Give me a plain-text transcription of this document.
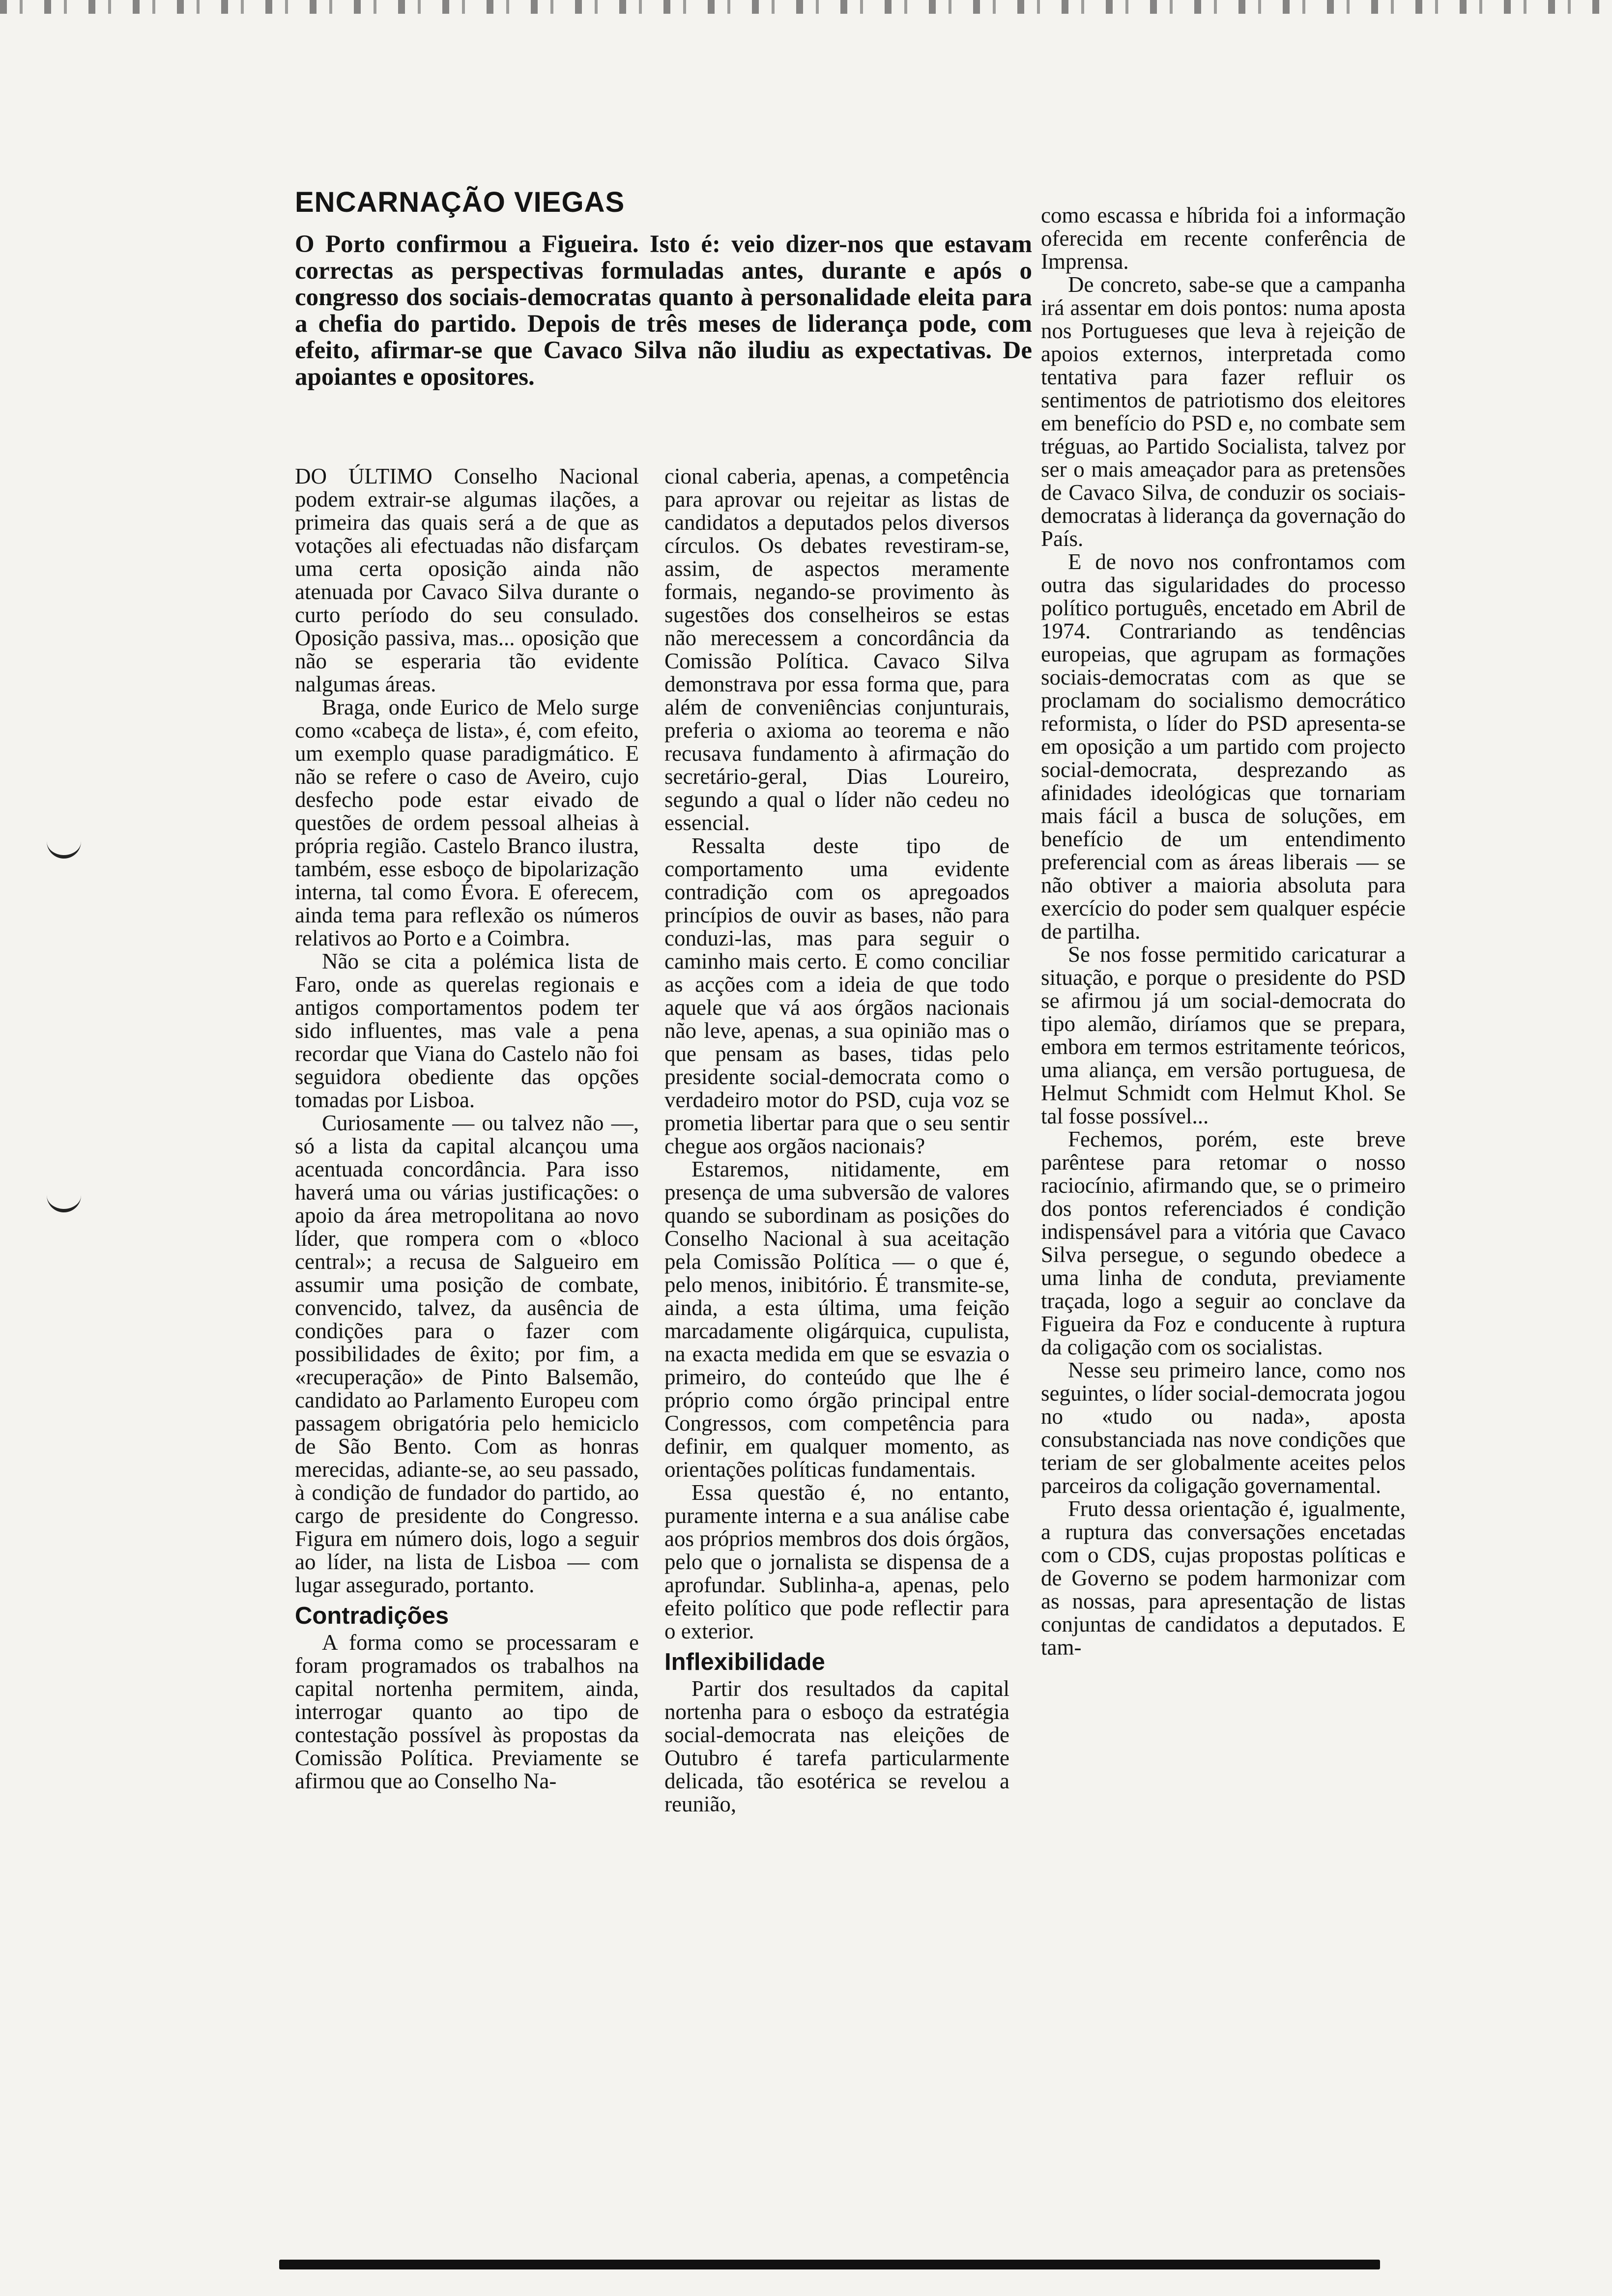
ENCARNAÇÃO VIEGAS

O Porto confirmou a Figueira. Isto é: veio dizer-nos que estavam correctas as perspectivas formuladas antes, durante e após o congresso dos sociais-democratas quanto à personalidade eleita para a chefia do partido. Depois de três meses de liderança pode, com efeito, afirmar-se que Cavaco Silva não iludiu as expectativas. De apoiantes e opositores.

DO ÚLTIMO Conselho Nacional podem extrair-se algumas ilações, a primeira das quais será a de que as votações ali efectuadas não disfarçam uma certa oposição ainda não atenuada por Cavaco Silva durante o curto período do seu consulado. Oposição passiva, mas... oposição que não se esperaria tão evidente nalgumas áreas.

Braga, onde Eurico de Melo surge como «cabeça de lista», é, com efeito, um exemplo quase paradigmático. E não se refere o caso de Aveiro, cujo desfecho pode estar eivado de questões de ordem pessoal alheias à própria região. Castelo Branco ilustra, também, esse esboço de bipolarização interna, tal como Évora. E oferecem, ainda tema para reflexão os números relativos ao Porto e a Coimbra.

Não se cita a polémica lista de Faro, onde as querelas regionais e antigos comportamentos podem ter sido influentes, mas vale a pena recordar que Viana do Castelo não foi seguidora obediente das opções tomadas por Lisboa.

Curiosamente — ou talvez não —, só a lista da capital alcançou uma acentuada concordância. Para isso haverá uma ou várias justificações: o apoio da área metropolitana ao novo líder, que rompera com o «bloco central»; a recusa de Salgueiro em assumir uma posição de combate, convencido, talvez, da ausência de condições para o fazer com possibilidades de êxito; por fim, a «recuperação» de Pinto Balsemão, candidato ao Parlamento Europeu com passagem obrigatória pelo hemiciclo de São Bento. Com as honras merecidas, adiante-se, ao seu passado, à condição de fundador do partido, ao cargo de presidente do Congresso. Figura em número dois, logo a seguir ao líder, na lista de Lisboa — com lugar assegurado, portanto.

Contradições

A forma como se processaram e foram programados os trabalhos na capital nortenha permitem, ainda, interrogar quanto ao tipo de contestação possível às propostas da Comissão Política. Previamente se afirmou que ao Conselho Na-

cional caberia, apenas, a competência para aprovar ou rejeitar as listas de candidatos a deputados pelos diversos círculos. Os debates revestiram-se, assim, de aspectos meramente formais, negando-se provimento às sugestões dos conselheiros se estas não merecessem a concordância da Comissão Política. Cavaco Silva demonstrava por essa forma que, para além de conveniências conjunturais, preferia o axioma ao teorema e não recusava fundamento à afirmação do secretário-geral, Dias Loureiro, segundo a qual o líder não cedeu no essencial.

Ressalta deste tipo de comportamento uma evidente contradição com os apregoados princípios de ouvir as bases, não para conduzi-las, mas para seguir o caminho mais certo. E como conciliar as acções com a ideia de que todo aquele que vá aos órgãos nacionais não leve, apenas, a sua opinião mas o que pensam as bases, tidas pelo presidente social-democrata como o verdadeiro motor do PSD, cuja voz se prometia libertar para que o seu sentir chegue aos orgãos nacionais?

Estaremos, nitidamente, em presença de uma subversão de valores quando se subordinam as posições do Conselho Nacional à sua aceitação pela Comissão Política — o que é, pelo menos, inibitório. É transmite-se, ainda, a esta última, uma feição marcadamente oligárquica, cupulista, na exacta medida em que se esvazia o primeiro, do conteúdo que lhe é próprio como órgão principal entre Congressos, com competência para definir, em qualquer momento, as orientações políticas fundamentais.

Essa questão é, no entanto, puramente interna e a sua análise cabe aos próprios membros dos dois órgãos, pelo que o jornalista se dispensa de a aprofundar. Sublinha-a, apenas, pelo efeito político que pode reflectir para o exterior.

Inflexibilidade

Partir dos resultados da capital nortenha para o esboço da estratégia social-democrata nas eleições de Outubro é tarefa particularmente delicada, tão esotérica se revelou a reunião,

como escassa e híbrida foi a informação oferecida em recente conferência de Imprensa.

De concreto, sabe-se que a campanha irá assentar em dois pontos: numa aposta nos Portugueses que leva à rejeição de apoios externos, interpretada como tentativa para fazer refluir os sentimentos de patriotismo dos eleitores em benefício do PSD e, no combate sem tréguas, ao Partido Socialista, talvez por ser o mais ameaçador para as pretensões de Cavaco Silva, de conduzir os sociais-democratas à liderança da governação do País.

E de novo nos confrontamos com outra das sigularidades do processo político português, encetado em Abril de 1974. Contrariando as tendências europeias, que agrupam as formações sociais-democratas com as que se proclamam do socialismo democrático reformista, o líder do PSD apresenta-se em oposição a um partido com projecto social-democrata, desprezando as afinidades ideológicas que tornariam mais fácil a busca de soluções, em benefício de um entendimento preferencial com as áreas liberais — se não obtiver a maioria absoluta para exercício do poder sem qualquer espécie de partilha.

Se nos fosse permitido caricaturar a situação, e porque o presidente do PSD se afirmou já um social-democrata do tipo alemão, diríamos que se prepara, embora em termos estritamente teóricos, uma aliança, em versão portuguesa, de Helmut Schmidt com Helmut Khol. Se tal fosse possível...

Fechemos, porém, este breve parêntese para retomar o nosso raciocínio, afirmando que, se o primeiro dos pontos referenciados é condição indispensável para a vitória que Cavaco Silva persegue, o segundo obedece a uma linha de conduta, previamente traçada, logo a seguir ao conclave da Figueira da Foz e conducente à ruptura da coligação com os socialistas.

Nesse seu primeiro lance, como nos seguintes, o líder social-democrata jogou no «tudo ou nada», aposta consubstanciada nas nove condições que teriam de ser globalmente aceites pelos parceiros da coligação governamental.

Fruto dessa orientação é, igualmente, a ruptura das conversações encetadas com o CDS, cujas propostas políticas e de Governo se podem harmonizar com as nossas, para apresentação de listas conjuntas de candidatos a deputados. E tam-
